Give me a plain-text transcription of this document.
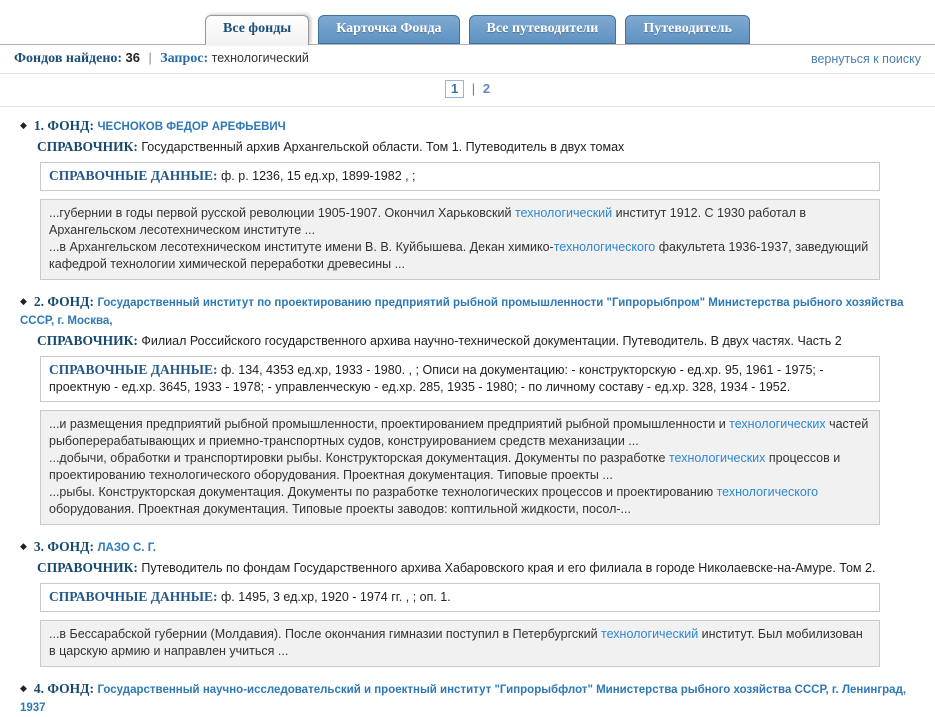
Все фонды	Карточка Фонда	Все путеводители	Путеводитель
Фондов найдено: 36 | Запрос: технологический	вернуться к поиску
1 | 2
◆ 1. ФОНД: ЧЕСНОКОВ ФЕДОР АРЕФЬЕВИЧ
СПРАВОЧНИК: Государственный архив Архангельской области. Том 1. Путеводитель в двух томах
СПРАВОЧНЫЕ ДАННЫЕ: ф. р. 1236, 15 ед.хр, 1899-1982 , ;
...губернии в годы первой русской революции 1905-1907. Окончил Харьковский технологический институт 1912. С 1930 работал в Архангельском лесотехническом институте ...
...в Архангельском лесотехническом институте имени В. В. Куйбышева. Декан химико-технологического факультета 1936-1937, заведующий кафедрой технологии химической переработки древесины ...
◆ 2. ФОНД: Государственный институт по проектированию предприятий рыбной промышленности "Гипрорыбпром" Министерства рыбного хозяйства СССР, г. Москва,
СПРАВОЧНИК: Филиал Российского государственного архива научно-технической документации. Путеводитель. В двух частях. Часть 2
СПРАВОЧНЫЕ ДАННЫЕ: ф. 134, 4353 ед.хр, 1933 - 1980. , ; Описи на документацию: - конструкторскую - ед.хр. 95, 1961 - 1975; - проектную - ед.хр. 3645, 1933 - 1978; - управленческую - ед.хр. 285, 1935 - 1980; - по личному составу - ед.хр. 328, 1934 - 1952.
...и размещения предприятий рыбной промышленности, проектированием предприятий рыбной промышленности и технологических частей рыбоперерабатывающих и приемно-транспортных судов, конструированием средств механизации ...
...добычи, обработки и транспортировки рыбы. Конструкторская документация. Документы по разработке технологических процессов и проектированию технологического оборудования. Проектная документация. Типовые проекты ...
...рыбы. Конструкторская документация. Документы по разработке технологических процессов и проектированию технологического оборудования. Проектная документация. Типовые проекты заводов: коптильной жидкости, посол-...
◆ 3. ФОНД: ЛАЗО С. Г.
СПРАВОЧНИК: Путеводитель по фондам Государственного архива Хабаровского края и его филиала в городе Николаевске-на-Амуре. Том 2.
СПРАВОЧНЫЕ ДАННЫЕ: ф. 1495, 3 ед.хр, 1920 - 1974 гг. , ; оп. 1.
...в Бессарабской губернии (Молдавия). После окончания гимназии поступил в Петербургский технологический институт. Был мобилизован в царскую армию и направлен учиться ...
◆ 4. ФОНД: Государственный научно-исследовательский и проектный институт "Гипрорыбфлот" Министерства рыбного хозяйства СССР, г. Ленинград, 1937
